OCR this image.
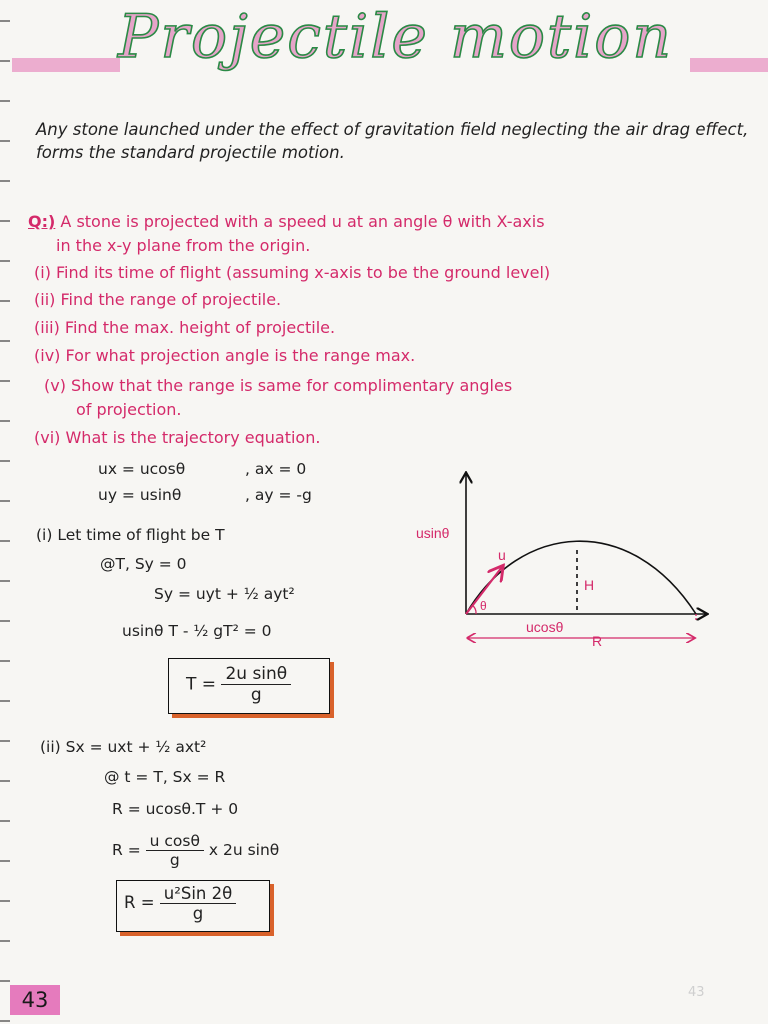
Projectile motion
Any stone launched under the effect of gravitation field neglecting the air drag effect, forms the standard projectile motion.
Q:) A stone is projected with a speed u at an angle θ with X-axis
in the x-y plane from the origin.
(i) Find its time of flight (assuming x-axis to be the ground level)
(ii) Find the range of projectile.
(iii) Find the max. height of projectile.
(iv) For what projection angle is the range max.
(v) Show that the range is same for complimentary angles
of projection.
(vi) What is the trajectory equation.
ux = ucosθ	, ax = 0
uy = usinθ	, ay = -g
(i) Let time of flight be T
@T, Sy = 0
Sy = uyt + ½ ayt²
usinθ T - ½ gT² = 0
$T = \frac{\text{2u sinθ}}{g}$
(ii) Sx = uxt + ½ axt²
@ t = T, Sx = R
R = ucosθ.T + 0
$R = \frac{\text{u cosθ}}{g}$ x 2u sinθ
$R = \frac{\text{u²Sin 2θ}}{g}$
usinθ
u
θ
H
ucosθ
R
43	43
